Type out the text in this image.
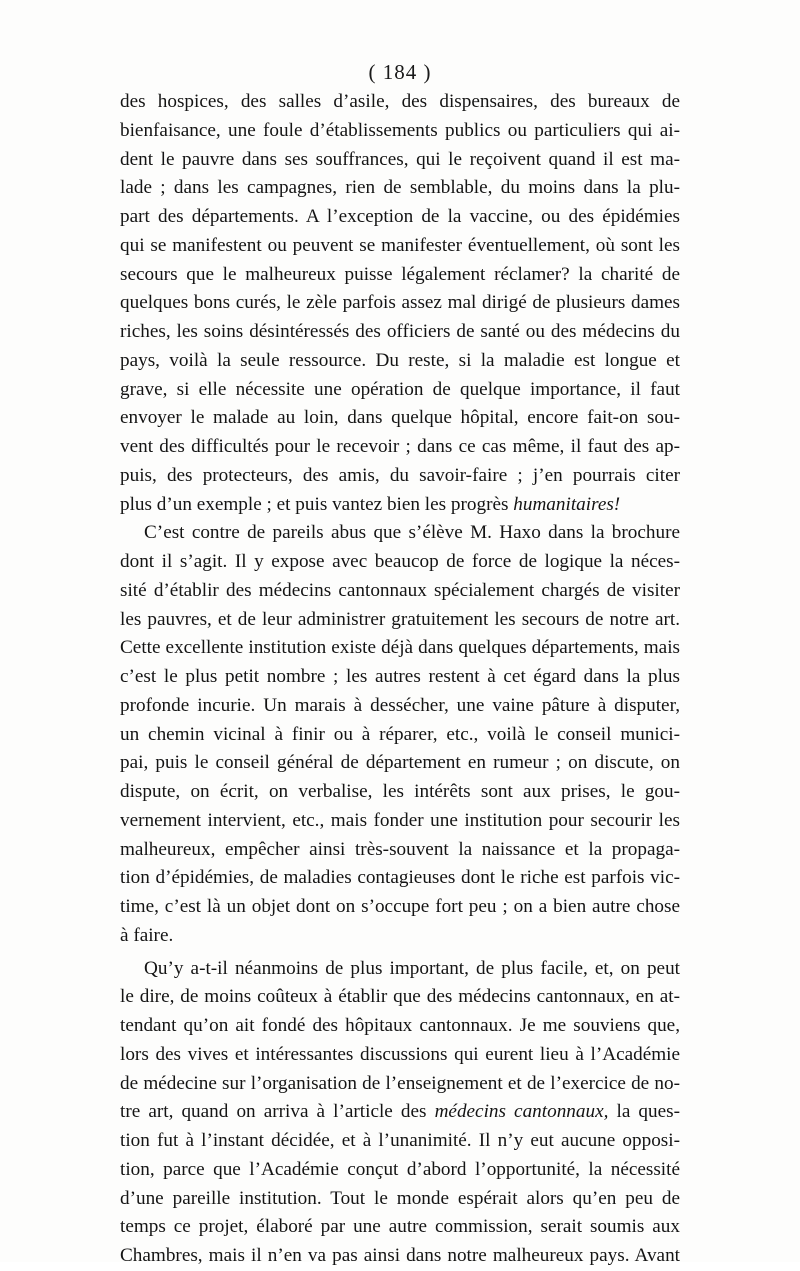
( 184 )
des hospices, des salles d’asile, des dispensaires, des bureaux de
bienfaisance, une foule d’établissements publics ou particuliers qui ai-
dent le pauvre dans ses souffrances, qui le reçoivent quand il est ma-
lade ; dans les campagnes, rien de semblable, du moins dans la plu-
part des départements. A l’exception de la vaccine, ou des épidémies
qui se manifestent ou peuvent se manifester éventuellement, où sont les
secours que le malheureux puisse légalement réclamer? la charité de
quelques bons curés, le zèle parfois assez mal dirigé de plusieurs dames
riches, les soins désintéressés des officiers de santé ou des médecins du
pays, voilà la seule ressource. Du reste, si la maladie est longue et
grave, si elle nécessite une opération de quelque importance, il faut
envoyer le malade au loin, dans quelque hôpital, encore fait-on sou-
vent des difficultés pour le recevoir ; dans ce cas même, il faut des ap-
puis, des protecteurs, des amis, du savoir-faire ; j’en pourrais citer
plus d’un exemple ; et puis vantez bien les progrès humanitaires!
C’est contre de pareils abus que s’élève M. Haxo dans la brochure
dont il s’agit. Il y expose avec beaucop de force de logique la néces-
sité d’établir des médecins cantonnaux spécialement chargés de visiter
les pauvres, et de leur administrer gratuitement les secours de notre art.
Cette excellente institution existe déjà dans quelques départements, mais
c’est le plus petit nombre ; les autres restent à cet égard dans la plus
profonde incurie. Un marais à dessécher, une vaine pâture à disputer,
un chemin vicinal à finir ou à réparer, etc., voilà le conseil munici-
pai, puis le conseil général de département en rumeur ; on discute, on
dispute, on écrit, on verbalise, les intérêts sont aux prises, le gou-
vernement intervient, etc., mais fonder une institution pour secourir les
malheureux, empêcher ainsi très-souvent la naissance et la propaga-
tion d’épidémies, de maladies contagieuses dont le riche est parfois vic-
time, c’est là un objet dont on s’occupe fort peu ; on a bien autre chose
à faire.
Qu’y a-t-il néanmoins de plus important, de plus facile, et, on peut
le dire, de moins coûteux à établir que des médecins cantonnaux, en at-
tendant qu’on ait fondé des hôpitaux cantonnaux. Je me souviens que,
lors des vives et intéressantes discussions qui eurent lieu à l’Académie
de médecine sur l’organisation de l’enseignement et de l’exercice de no-
tre art, quand on arriva à l’article des médecins cantonnaux, la ques-
tion fut à l’instant décidée, et à l’unanimité. Il n’y eut aucune opposi-
tion, parce que l’Académie conçut d’abord l’opportunité, la nécessité
d’une pareille institution. Tout le monde espérait alors qu’en peu de
temps ce projet, élaboré par une autre commission, serait soumis aux
Chambres, mais il n’en va pas ainsi dans notre malheureux pays. Avant
